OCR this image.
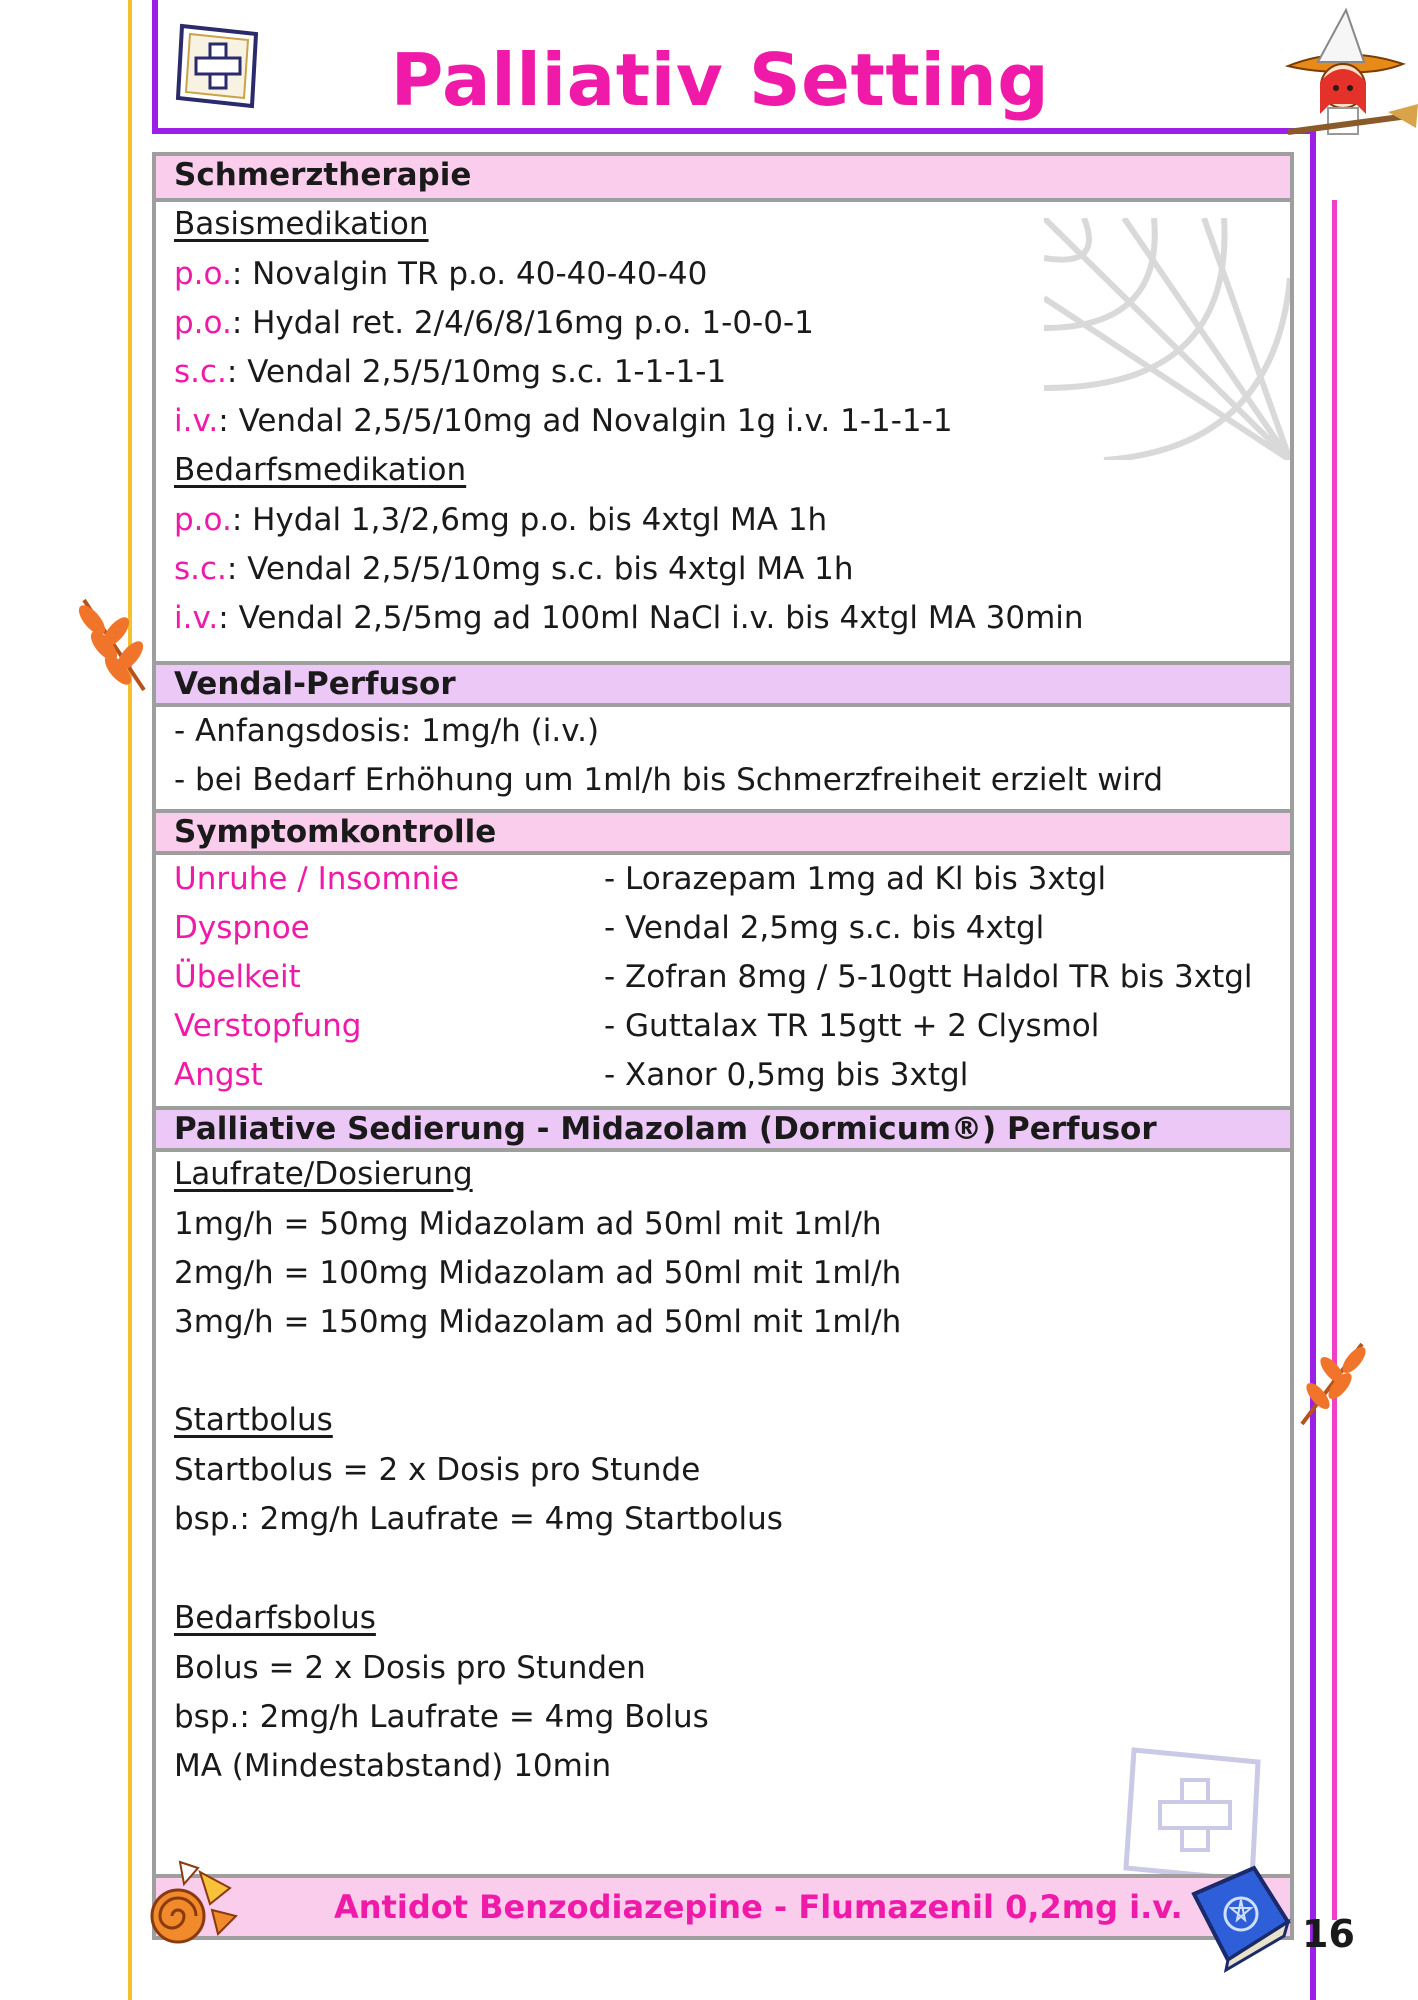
Palliativ Setting
Schmerztherapie
Basismedikation
p.o.: Novalgin TR p.o. 40-40-40-40
p.o.: Hydal ret. 2/4/6/8/16mg p.o. 1-0-0-1
s.c.: Vendal 2,5/5/10mg s.c. 1-1-1-1
i.v.: Vendal 2,5/5/10mg ad Novalgin 1g i.v. 1-1-1-1
Bedarfsmedikation
p.o.: Hydal 1,3/2,6mg p.o. bis 4xtgl MA 1h
s.c.: Vendal 2,5/5/10mg s.c. bis 4xtgl MA 1h
i.v.: Vendal 2,5/5mg ad 100ml NaCl i.v. bis 4xtgl MA 30min
Vendal-Perfusor
- Anfangsdosis: 1mg/h (i.v.)
- bei Bedarf Erhöhung um 1ml/h bis Schmerzfreiheit erzielt wird
Symptomkontrolle
Unruhe / Insomnie	- Lorazepam 1mg ad Kl bis 3xtgl
Dyspnoe	- Vendal 2,5mg s.c. bis 4xtgl
Übelkeit	- Zofran 8mg / 5-10gtt Haldol TR bis 3xtgl
Verstopfung	- Guttalax TR 15gtt + 2 Clysmol
Angst	- Xanor 0,5mg bis 3xtgl
Palliative Sedierung - Midazolam (Dormicum®) Perfusor
Laufrate/Dosierung
1mg/h = 50mg Midazolam ad 50ml mit 1ml/h
2mg/h = 100mg Midazolam ad 50ml mit 1ml/h
3mg/h = 150mg Midazolam ad 50ml mit 1ml/h
Startbolus
Startbolus = 2 x Dosis pro Stunde
bsp.: 2mg/h Laufrate = 4mg Startbolus
Bedarfsbolus
Bolus = 2 x Dosis pro Stunden
bsp.: 2mg/h Laufrate = 4mg Bolus
MA (Mindestabstand) 10min
Antidot Benzodiazepine - Flumazenil 0,2mg i.v.
16
